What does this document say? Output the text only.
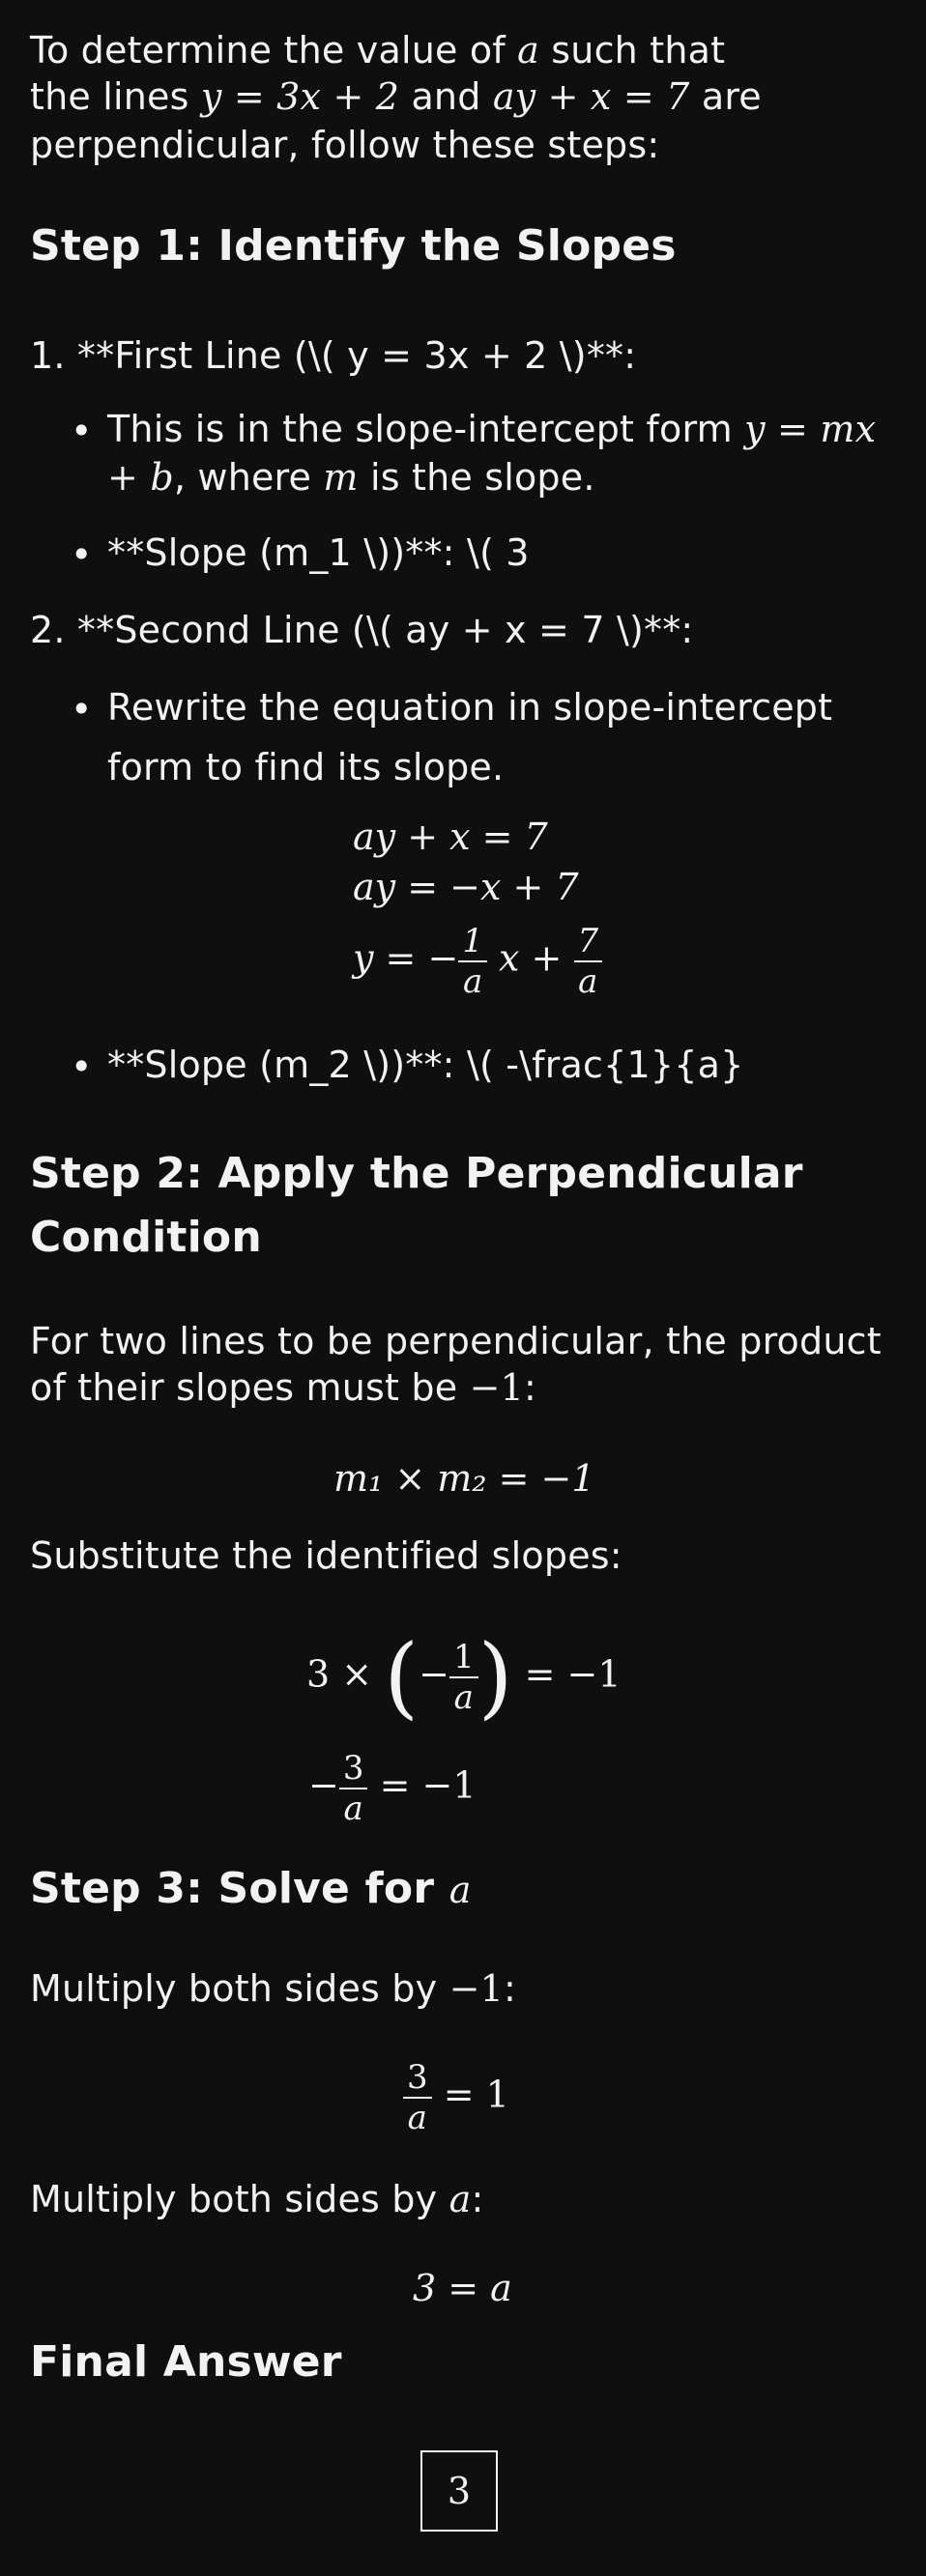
To determine the value of a such that
the lines y = 3x + 2 and ay + x = 7 are
perpendicular, follow these steps:
Step 1: Identify the Slopes
1. **First Line (\( y = 3x + 2 \)**:
• This is in the slope-intercept form y = mx
+ b, where m is the slope.
• **Slope (m_1 \))**: \( 3
2. **Second Line (\( ay + x = 7 \)**:
• Rewrite the equation in slope-intercept
form to find its slope.
ay + x = 7
ay = −x + 7
y = − $\frac{1}{a}$ $x + \frac{7}{a}$
• **Slope (m_2 \))**: \( -\frac{1}{a}
Step 2: Apply the Perpendicular
Condition
For two lines to be perpendicular, the product
of their slopes must be −1:
m₁ × m₂ = −1
Substitute the identified slopes:
3 × (− $\frac{1}{a}$ ) = −1
− $\frac{3}{a} = -1$
Step 3: Solve for a
Multiply both sides by −1:
$\frac{3}{a} = 1$
Multiply both sides by a:
3 = a
Final Answer
3
